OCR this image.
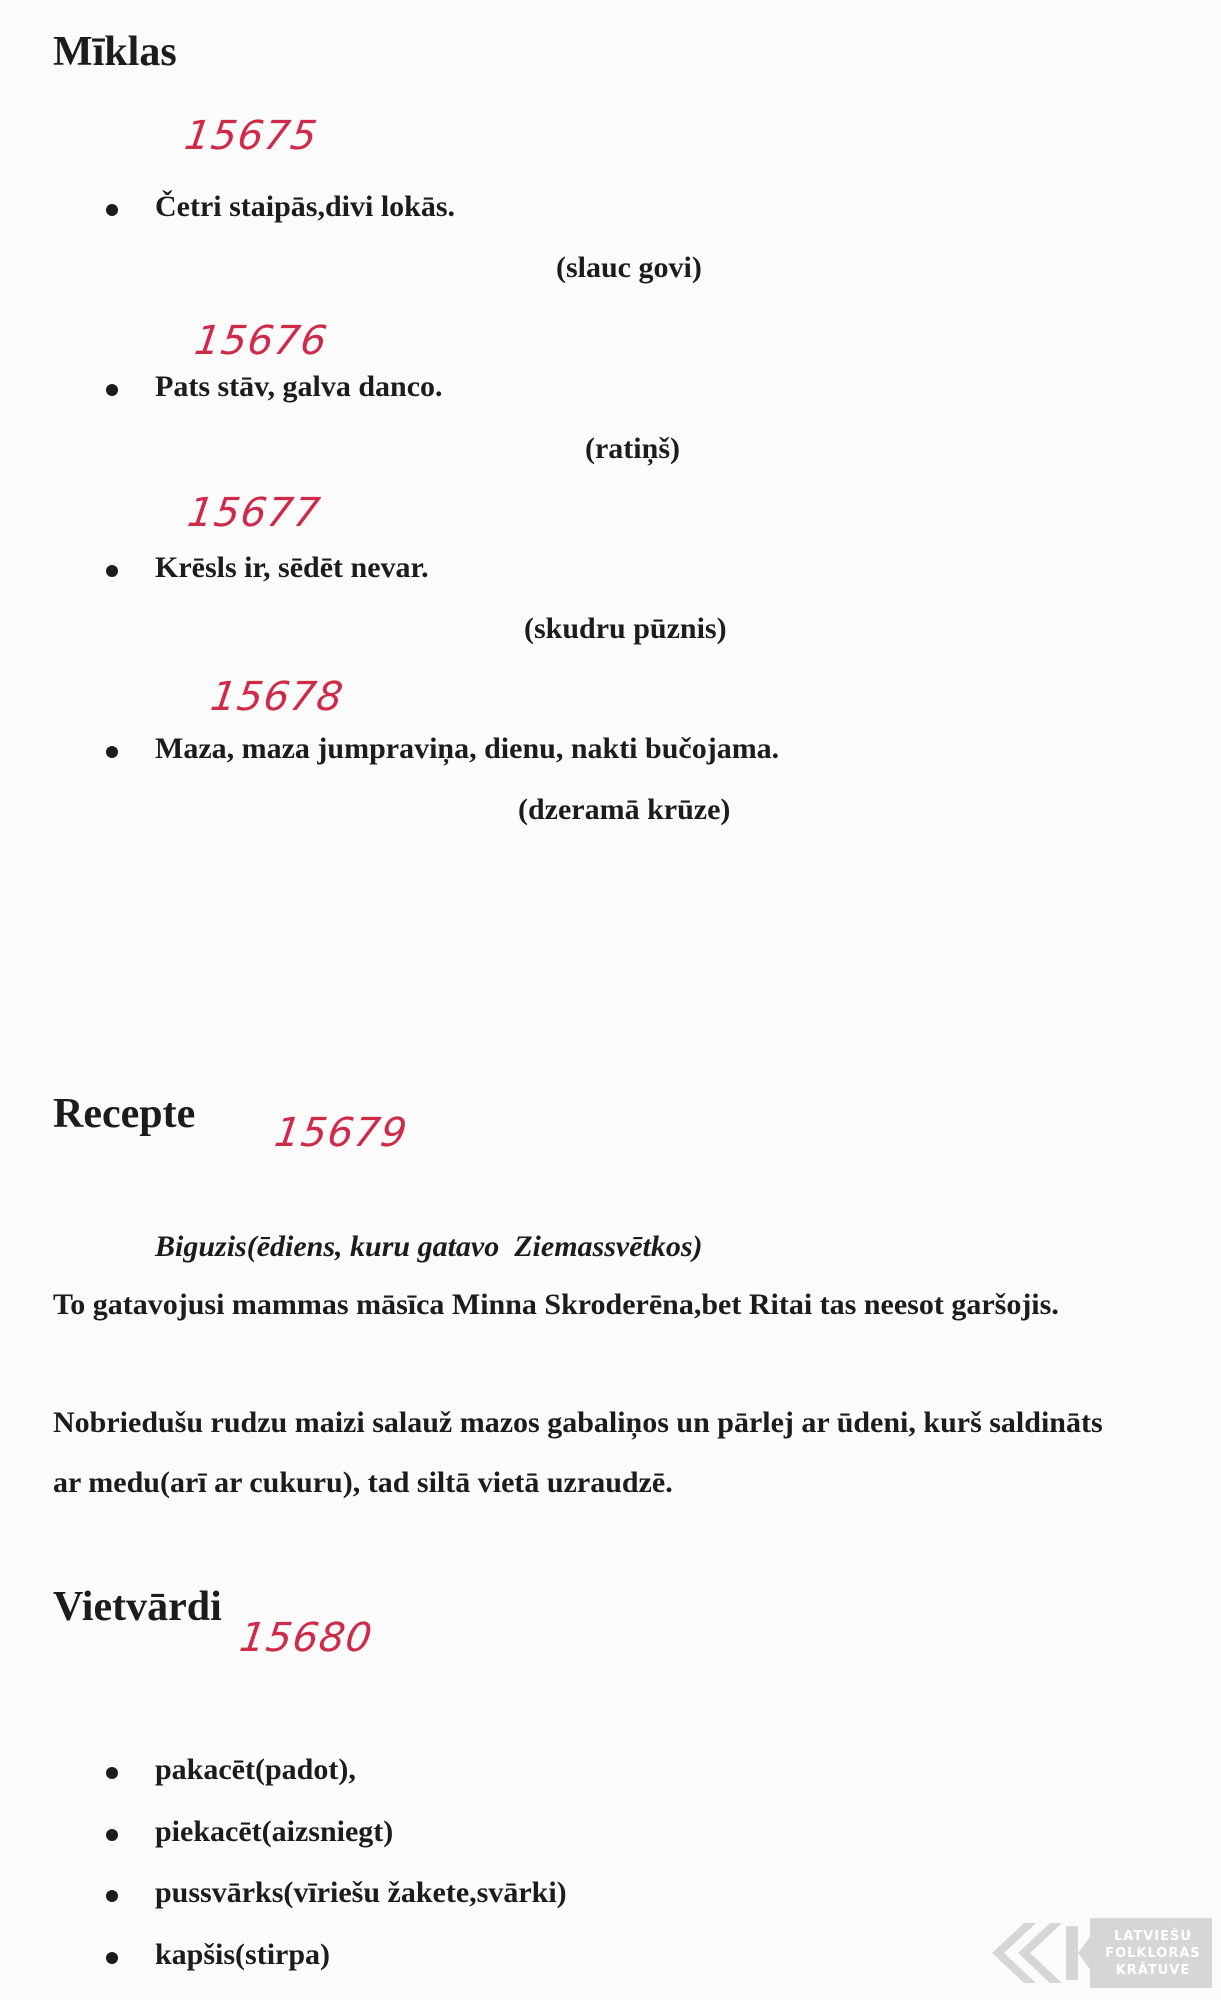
Mīklas
15675
Četri staipās,divi lokās.
(slauc govi)
15676
Pats stāv, galva danco.
(ratiņš)
15677
Krēsls ir, sēdēt nevar.
(skudru pūznis)
15678
Maza, maza jumpraviņa, dienu, nakti bučojama.
(dzeramā krūze)
Recepte 15679
Biguzis(ēdiens, kuru gatavo  Ziemassvētkos)
To gatavojusi mammas māsīca Minna Skroderēna,bet Ritai tas neesot garšojis.
Nobriedušu rudzu maizi salauž mazos gabaliņos un pārlej ar ūdeni, kurš saldināts ar medu(arī ar cukuru), tad siltā vietā uzraudzē.
Vietvārdi
15680
pakacēt(padot),
piekacēt(aizsniegt)
pussvārks(vīriešu žakete,svārki)
kapšis(stirpa)
LATVIEŠU
FOLKLORAS
KRĀTUVE
